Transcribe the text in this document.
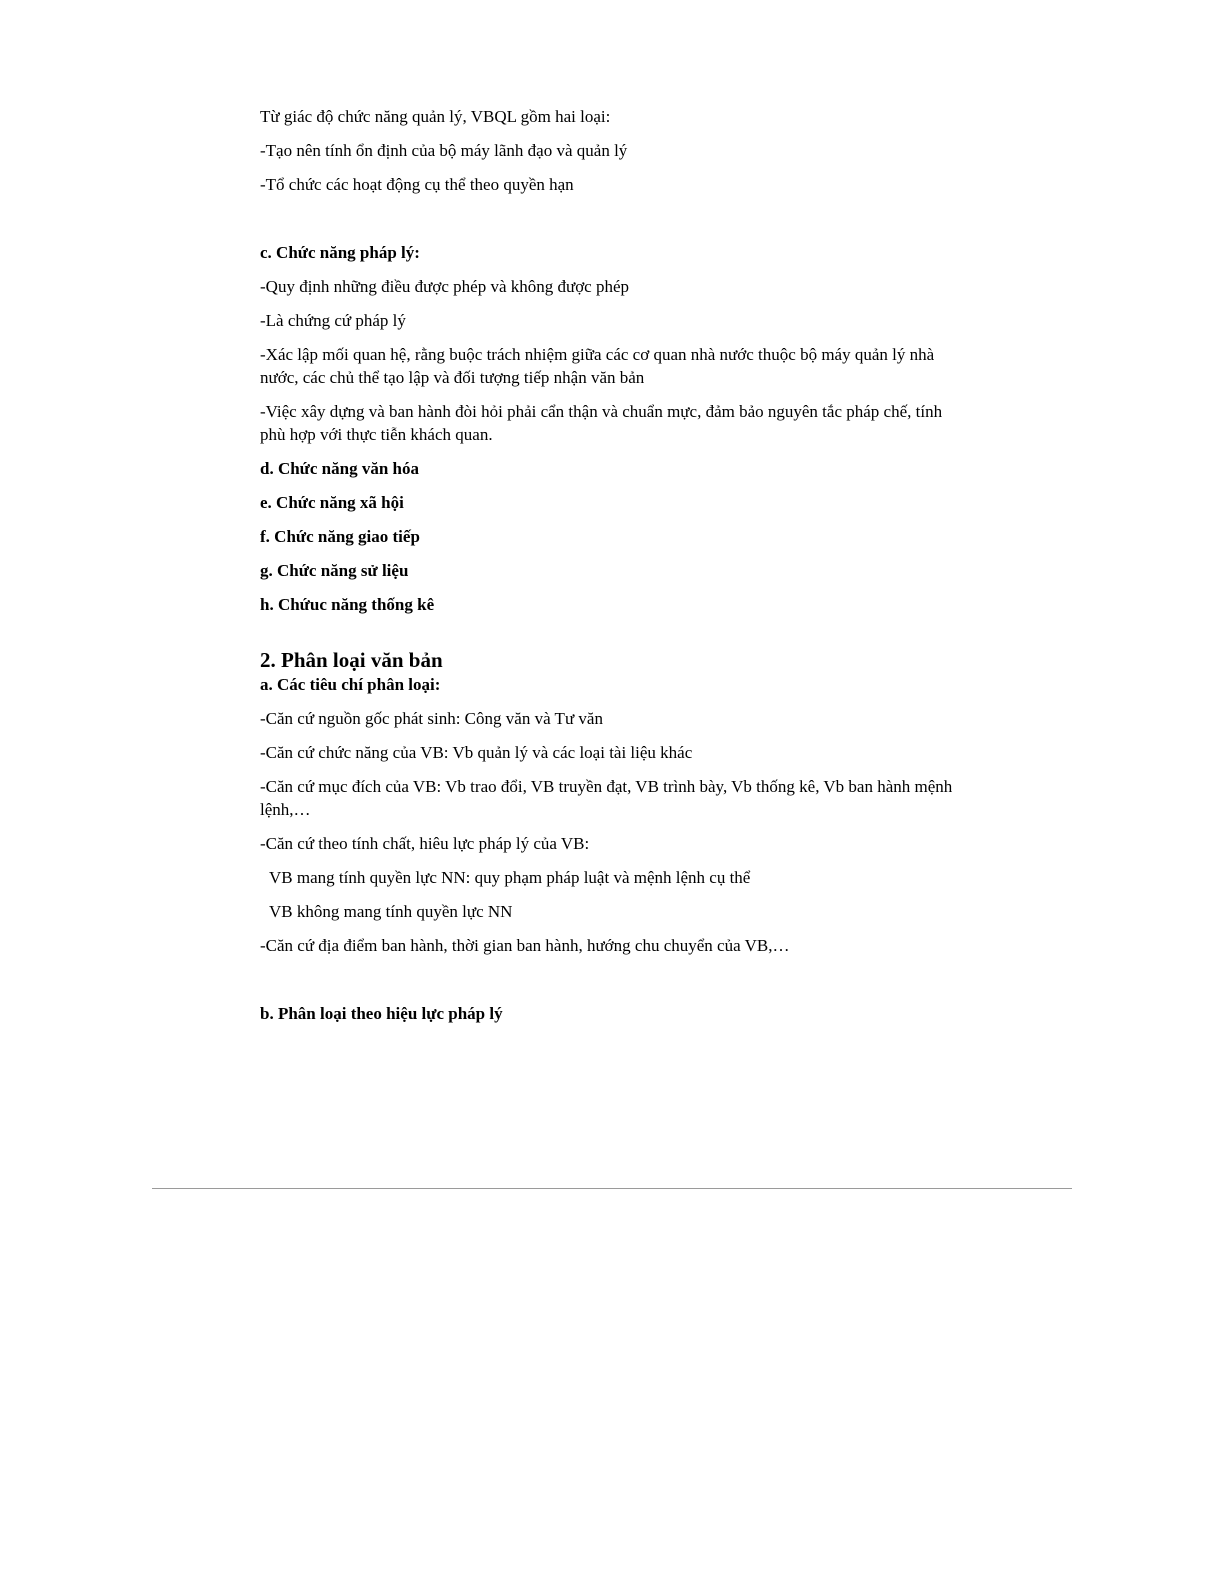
Từ giác độ chức năng quản lý, VBQL gồm hai loại:

-Tạo nên tính ổn định của bộ máy lãnh đạo và quản lý

-Tổ chức các hoạt động cụ thể theo quyền hạn

c. Chức năng pháp lý:

-Quy định những điều được phép và không được phép

-Là chứng cứ pháp lý

-Xác lập mối quan hệ, rằng buộc trách nhiệm giữa các cơ quan nhà nước thuộc bộ máy quản lý nhà nước, các chủ thể tạo lập và đối tượng tiếp nhận văn bản

-Việc xây dựng và ban hành đòi hỏi phải cẩn thận và chuẩn mực, đảm bảo nguyên tắc pháp chế, tính phù hợp với thực tiễn khách quan.

d. Chức năng văn hóa

e. Chức năng xã hội

f. Chức năng giao tiếp

g. Chức năng sử liệu

h. Chứuc năng thống kê

2. Phân loại văn bản

a. Các tiêu chí phân loại:

-Căn cứ nguồn gốc phát sinh: Công văn và Tư văn

-Căn cứ chức năng của VB: Vb quản lý và các loại tài liệu khác

-Căn cứ mục đích của VB: Vb trao đổi, VB truyền đạt, VB trình bày, Vb thống kê, Vb ban hành mệnh lệnh,…

-Căn cứ theo tính chất, hiêu lực pháp lý của VB:

VB mang tính quyền lực NN: quy phạm pháp luật và mệnh lệnh cụ thể

VB không mang tính quyền lực NN

-Căn cứ địa điểm ban hành, thời gian ban hành, hướng chu chuyển của VB,…

b. Phân loại theo hiệu lực pháp lý
